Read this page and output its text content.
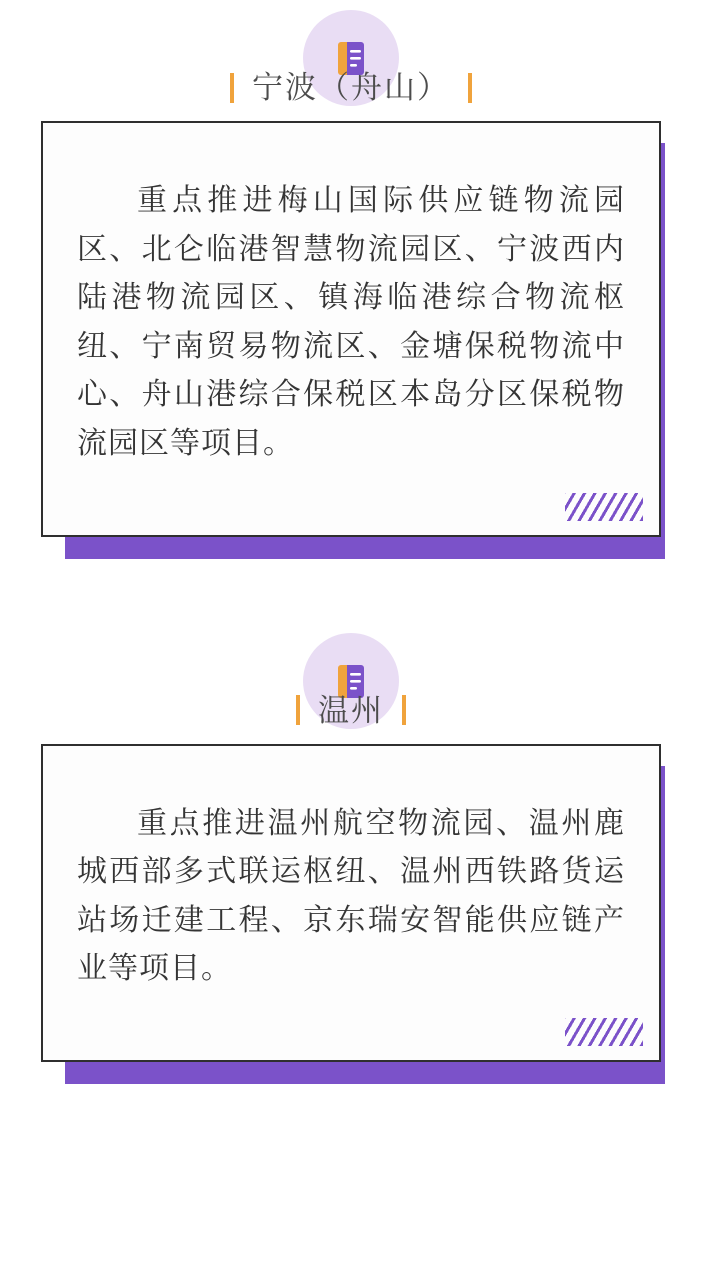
宁波（舟山）

重点推进梅山国际供应链物流园区、北仑临港智慧物流园区、宁波西内陆港物流园区、镇海临港综合物流枢纽、宁南贸易物流区、金塘保税物流中心、舟山港综合保税区本岛分区保税物流园区等项目。

温州

重点推进温州航空物流园、温州鹿城西部多式联运枢纽、温州西铁路货运站场迁建工程、京东瑞安智能供应链产业等项目。
